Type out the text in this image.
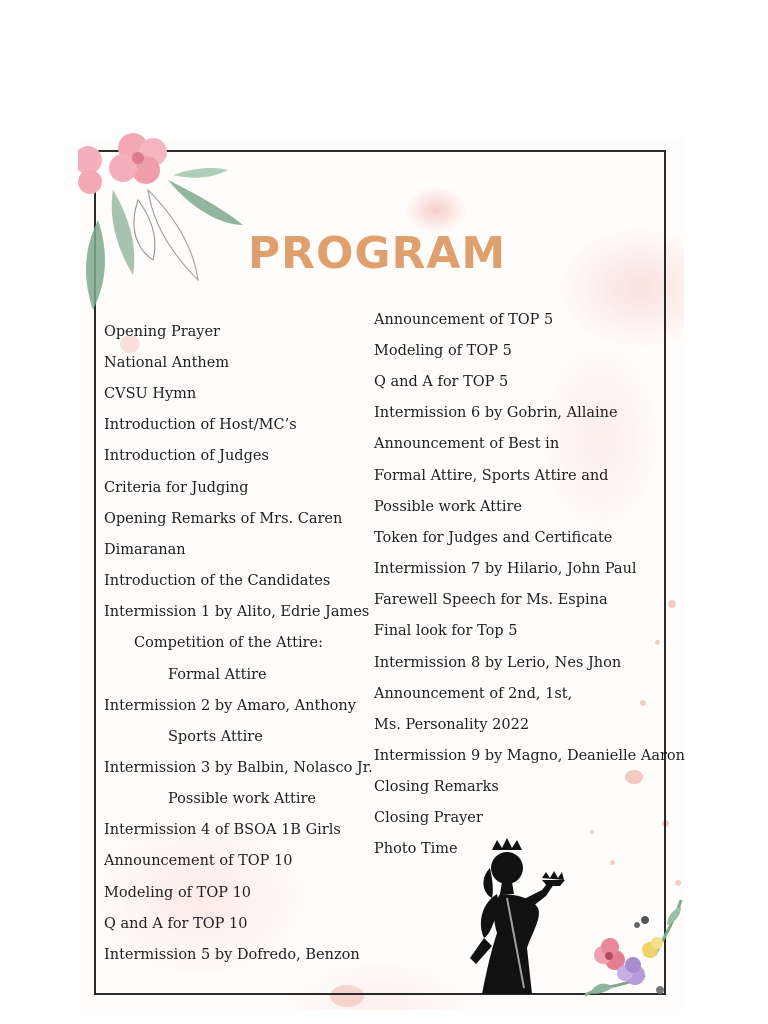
PROGRAM
Opening Prayer
National Anthem
CVSU Hymn
Introduction of Host/MC’s
Introduction of Judges
Criteria for Judging
Opening Remarks of Mrs. Caren
Dimaranan
Introduction of the Candidates
Intermission 1 by Alito, Edrie James
Competition of the Attire:
Formal Attire
Intermission 2 by Amaro, Anthony
Sports Attire
Intermission 3 by Balbin, Nolasco Jr.
Possible work Attire
Intermission 4 of BSOA 1B Girls
Announcement of TOP 10
Modeling of TOP 10
Q and A for TOP 10
Intermission 5 by Dofredo, Benzon
Announcement of TOP 5
Modeling of TOP 5
Q and A for TOP 5
Intermission 6 by Gobrin, Allaine
Announcement of Best in
Formal Attire, Sports Attire and
Possible work Attire
Token for Judges and Certificate
Intermission 7 by Hilario, John Paul
Farewell Speech for Ms. Espina
Final look for Top 5
Intermission 8 by Lerio, Nes Jhon
Announcement of 2nd, 1st,
Ms. Personality 2022
Intermission 9 by Magno, Deanielle Aaron
Closing Remarks
Closing Prayer
Photo Time
